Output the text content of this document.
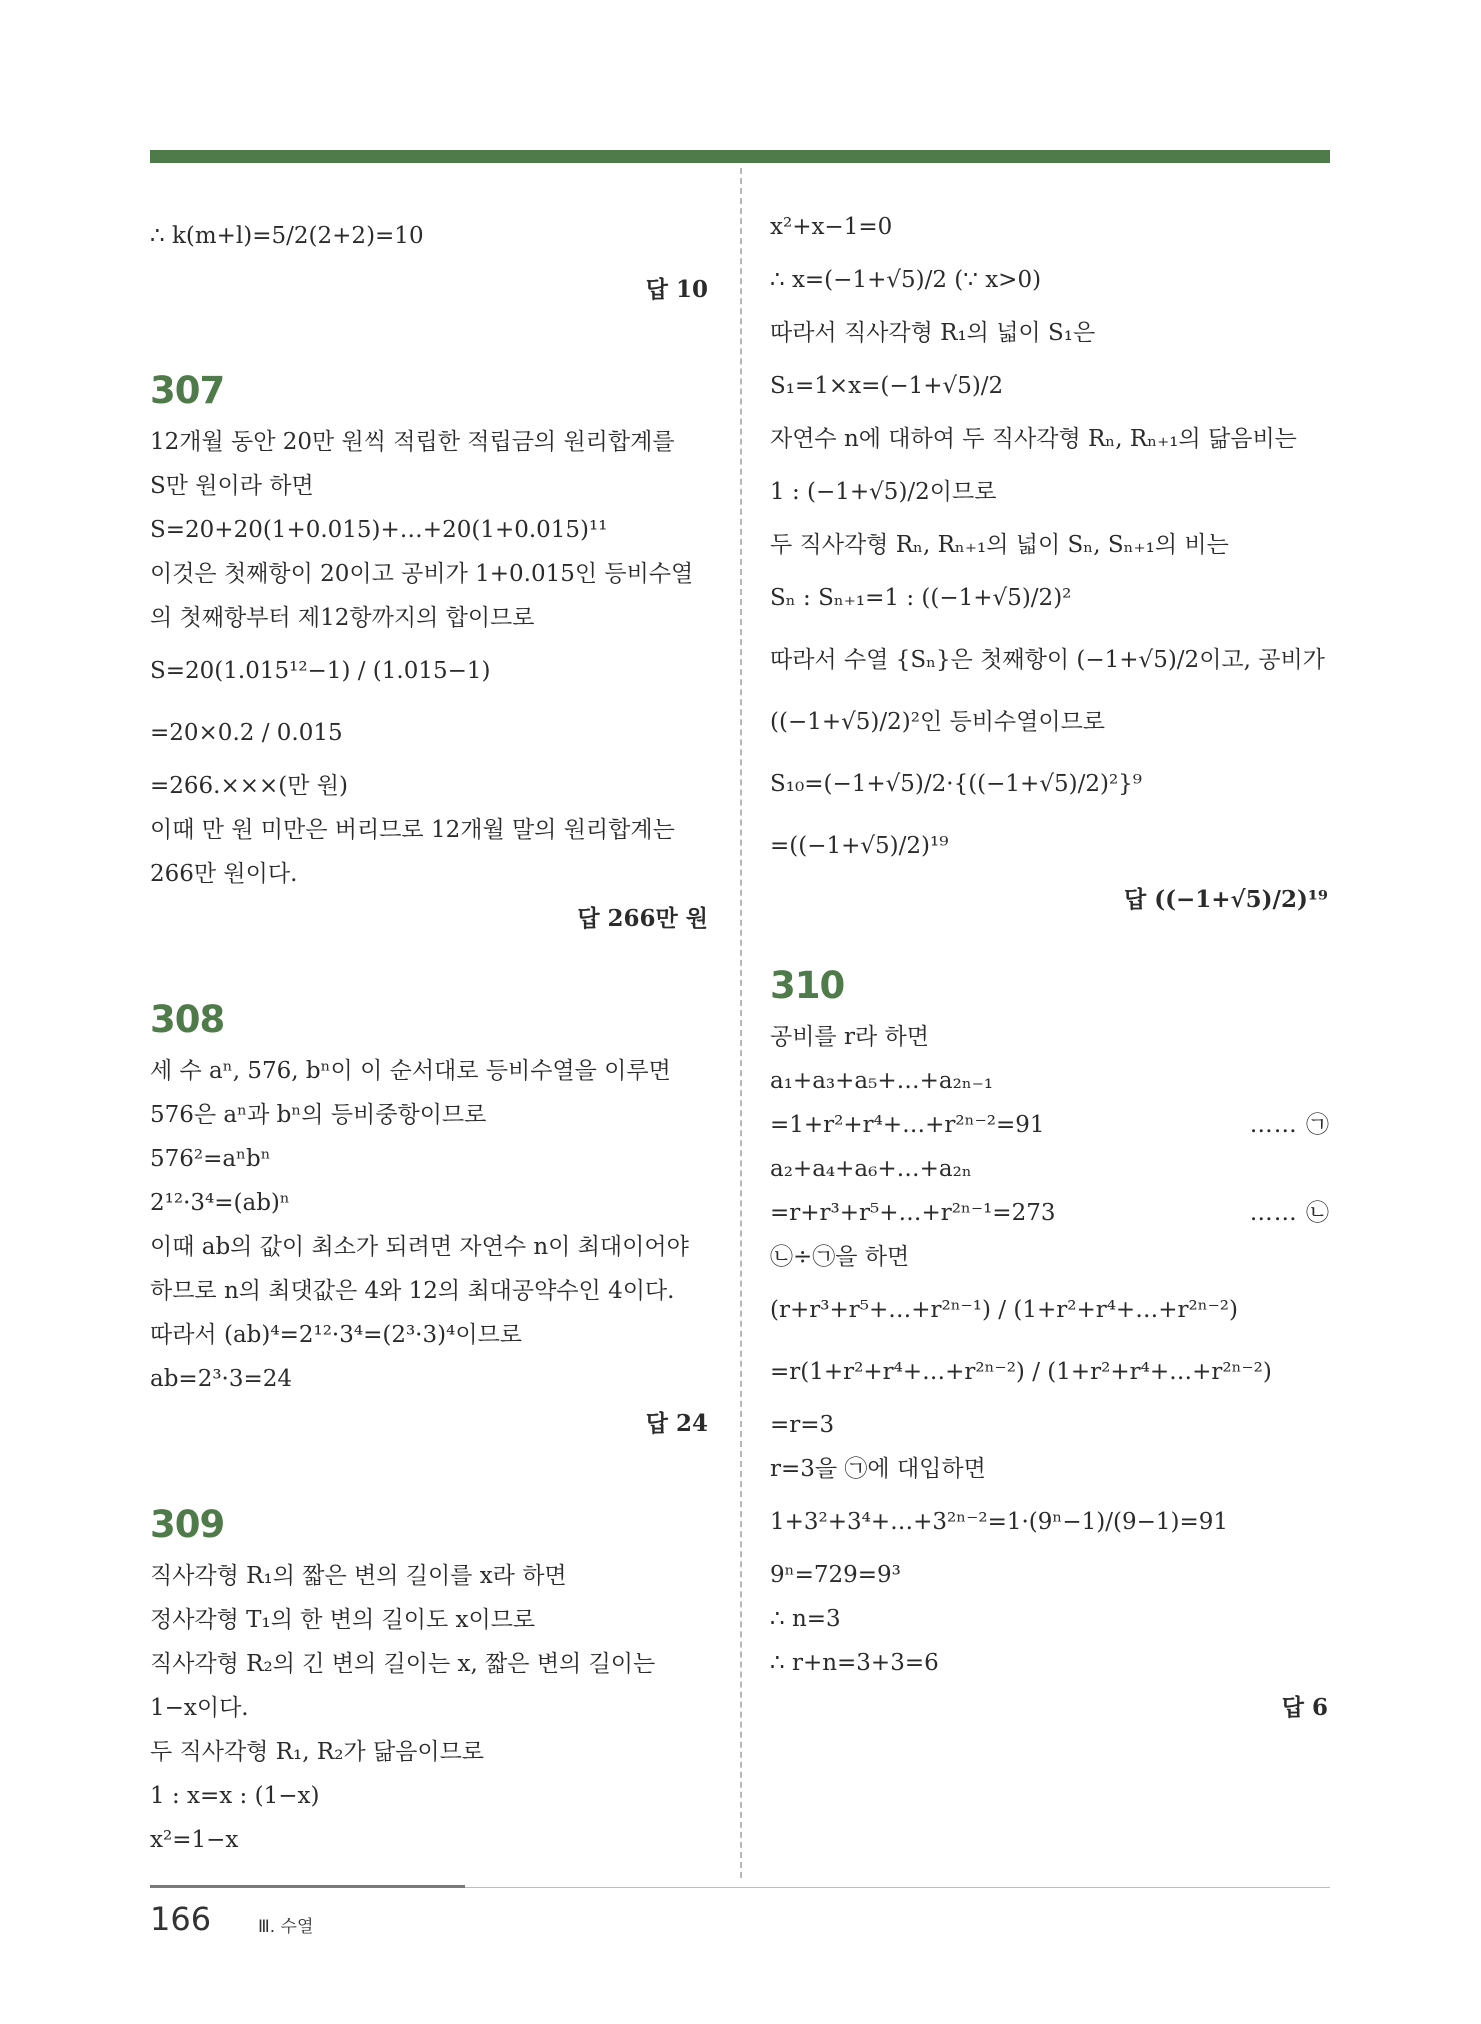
∴ k(m+l)=5/2(2+2)=10
답 10
307
12개월 동안 20만 원씩 적립한 적립금의 원리합계를
S만 원이라 하면
S=20+20(1+0.015)+…+20(1+0.015)¹¹
이것은 첫째항이 20이고 공비가 1+0.015인 등비수열
의 첫째항부터 제12항까지의 합이므로
S=20(1.015¹²−1) / (1.015−1)
=20×0.2 / 0.015
=266.×××(만 원)
이때 만 원 미만은 버리므로 12개월 말의 원리합계는
266만 원이다.
답 266만 원
308
세 수 aⁿ, 576, bⁿ이 이 순서대로 등비수열을 이루면
576은 aⁿ과 bⁿ의 등비중항이므로
576²=aⁿbⁿ
2¹²·3⁴=(ab)ⁿ
이때 ab의 값이 최소가 되려면 자연수 n이 최대이어야
하므로 n의 최댓값은 4와 12의 최대공약수인 4이다.
따라서 (ab)⁴=2¹²·3⁴=(2³·3)⁴이므로
ab=2³·3=24
답 24
309
직사각형 R₁의 짧은 변의 길이를 x라 하면
정사각형 T₁의 한 변의 길이도 x이므로
직사각형 R₂의 긴 변의 길이는 x, 짧은 변의 길이는
1−x이다.
두 직사각형 R₁, R₂가 닮음이므로
1 : x=x : (1−x)
x²=1−x
x²+x−1=0
∴ x=(−1+√5)/2 (∵ x>0)
따라서 직사각형 R₁의 넓이 S₁은
S₁=1×x=(−1+√5)/2
자연수 n에 대하여 두 직사각형 Rₙ, Rₙ₊₁의 닮음비는
1 : (−1+√5)/2이므로
두 직사각형 Rₙ, Rₙ₊₁의 넓이 Sₙ, Sₙ₊₁의 비는
Sₙ : Sₙ₊₁=1 : ((−1+√5)/2)²
따라서 수열 {Sₙ}은 첫째항이 (−1+√5)/2이고, 공비가
((−1+√5)/2)²인 등비수열이므로
S₁₀=(−1+√5)/2·{((−1+√5)/2)²}⁹
=((−1+√5)/2)¹⁹
답 ((−1+√5)/2)¹⁹
310
공비를 r라 하면
a₁+a₃+a₅+…+a₂ₙ₋₁
=1+r²+r⁴+…+r²ⁿ⁻²=91	…… ㉠
a₂+a₄+a₆+…+a₂ₙ
=r+r³+r⁵+…+r²ⁿ⁻¹=273	…… ㉡
㉡÷㉠을 하면
(r+r³+r⁵+…+r²ⁿ⁻¹) / (1+r²+r⁴+…+r²ⁿ⁻²)
=r(1+r²+r⁴+…+r²ⁿ⁻²) / (1+r²+r⁴+…+r²ⁿ⁻²)
=r=3
r=3을 ㉠에 대입하면
1+3²+3⁴+…+3²ⁿ⁻²=1·(9ⁿ−1)/(9−1)=91
9ⁿ=729=9³
∴ n=3
∴ r+n=3+3=6
답 6
166	Ⅲ. 수열
